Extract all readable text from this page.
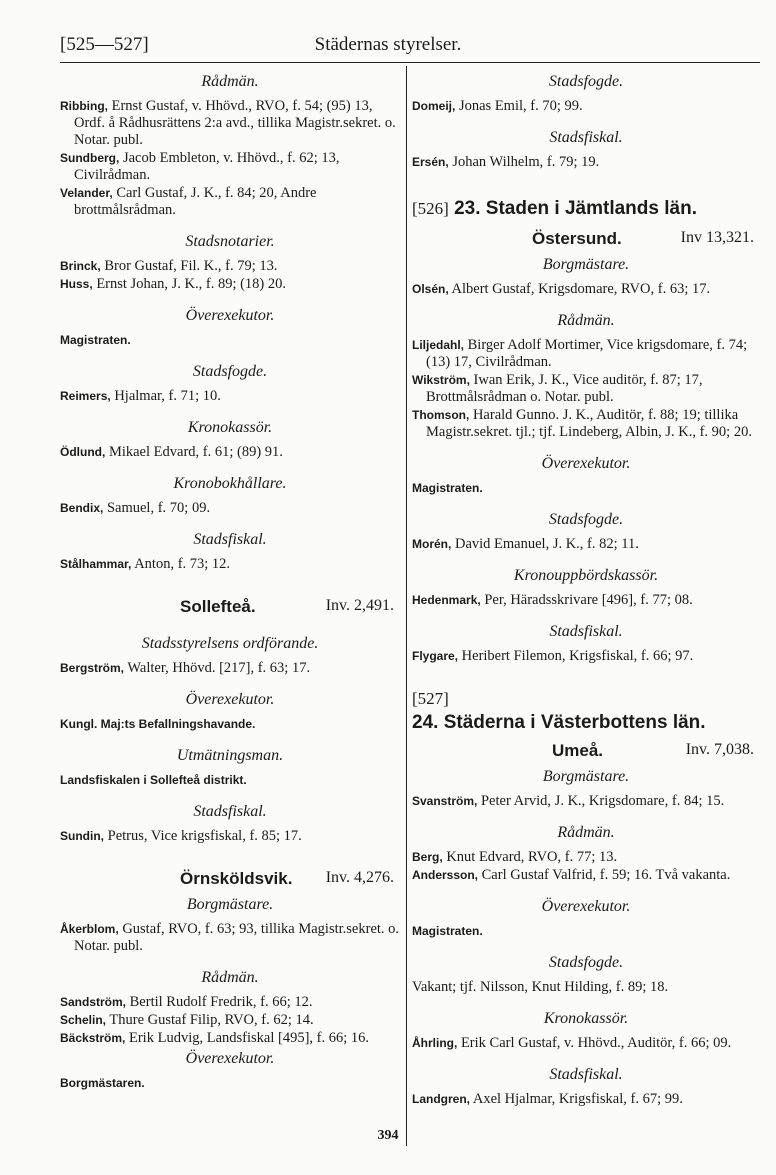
[525—527]	Städernas styrelser.
Rådmän.
Ribbing, Ernst Gustaf, v. Hhövd., RVO, f. 54; (95) 13, Ordf. å Rådhusrättens 2:a avd., tillika Magistr.sekret. o. Notar. publ.
Sundberg, Jacob Embleton, v. Hhövd., f. 62; 13, Civilrådman.
Velander, Carl Gustaf, J. K., f. 84; 20, Andre brottmålsrådman.
Stadsnotarier.
Brinck, Bror Gustaf, Fil. K., f. 79; 13.
Huss, Ernst Johan, J. K., f. 89; (18) 20.
Överexekutor.
Magistraten.
Stadsfogde.
Reimers, Hjalmar, f. 71; 10.
Kronokassör.
Ödlund, Mikael Edvard, f. 61; (89) 91.
Kronobokhållare.
Bendix, Samuel, f. 70; 09.
Stadsfiskal.
Stålhammar, Anton, f. 73; 12.
Sollefteå.	Inv. 2,491.
Stadsstyrelsens ordförande.
Bergström, Walter, Hhövd. [217], f. 63; 17.
Överexekutor.
Kungl. Maj:ts Befallningshavande.
Utmätningsman.
Landsfiskalen i Sollefteå distrikt.
Stadsfiskal.
Sundin, Petrus, Vice krigsfiskal, f. 85; 17.
Örnsköldsvik. Inv. 4,276.
Borgmästare.
Åkerblom, Gustaf, RVO, f. 63; 93, tillika Magistr.sekret. o. Notar. publ.
Rådmän.
Sandström, Bertil Rudolf Fredrik, f. 66; 12.
Schelin, Thure Gustaf Filip, RVO, f. 62; 14.
Bäckström, Erik Ludvig, Landsfiskal [495], f. 66; 16.
Överexekutor.
Borgmästaren.
Stadsfogde.
Domeij, Jonas Emil, f. 70; 99.
Stadsfiskal.
Ersén, Johan Wilhelm, f. 79; 19.
[526] 23. Staden i Jämtlands län.
Östersund.	Inv 13,321.
Borgmästare.
Olsén, Albert Gustaf, Krigsdomare, RVO, f. 63; 17.
Rådmän.
Liljedahl, Birger Adolf Mortimer, Vice krigsdomare, f. 74; (13) 17, Civilrådman.
Wikström, Iwan Erik, J. K., Vice auditör, f. 87; 17, Brottmålsrådman o. Notar. publ.
Thomson, Harald Gunno. J. K., Auditör, f. 88; 19; tillika Magistr.sekret. tjl.; tjf. Lindeberg, Albin, J. K., f. 90; 20.
Överexekutor.
Magistraten.
Stadsfogde.
Morén, David Emanuel, J. K., f. 82; 11.
Kronouppbördskassör.
Hedenmark, Per, Häradsskrivare [496], f. 77; 08.
Stadsfiskal.
Flygare, Heribert Filemon, Krigsfiskal, f. 66; 97.
[527]
24. Städerna i Västerbottens län.
Umeå.	Inv. 7,038.
Borgmästare.
Svanström, Peter Arvid, J. K., Krigsdomare, f. 84; 15.
Rådmän.
Berg, Knut Edvard, RVO, f. 77; 13.
Andersson, Carl Gustaf Valfrid, f. 59; 16. Två vakanta.
Överexekutor.
Magistraten.
Stadsfogde.
Vakant; tjf. Nilsson, Knut Hilding, f. 89; 18.
Kronokassör.
Åhrling, Erik Carl Gustaf, v. Hhövd., Auditör, f. 66; 09.
Stadsfiskal.
Landgren, Axel Hjalmar, Krigsfiskal, f. 67; 99.
394
